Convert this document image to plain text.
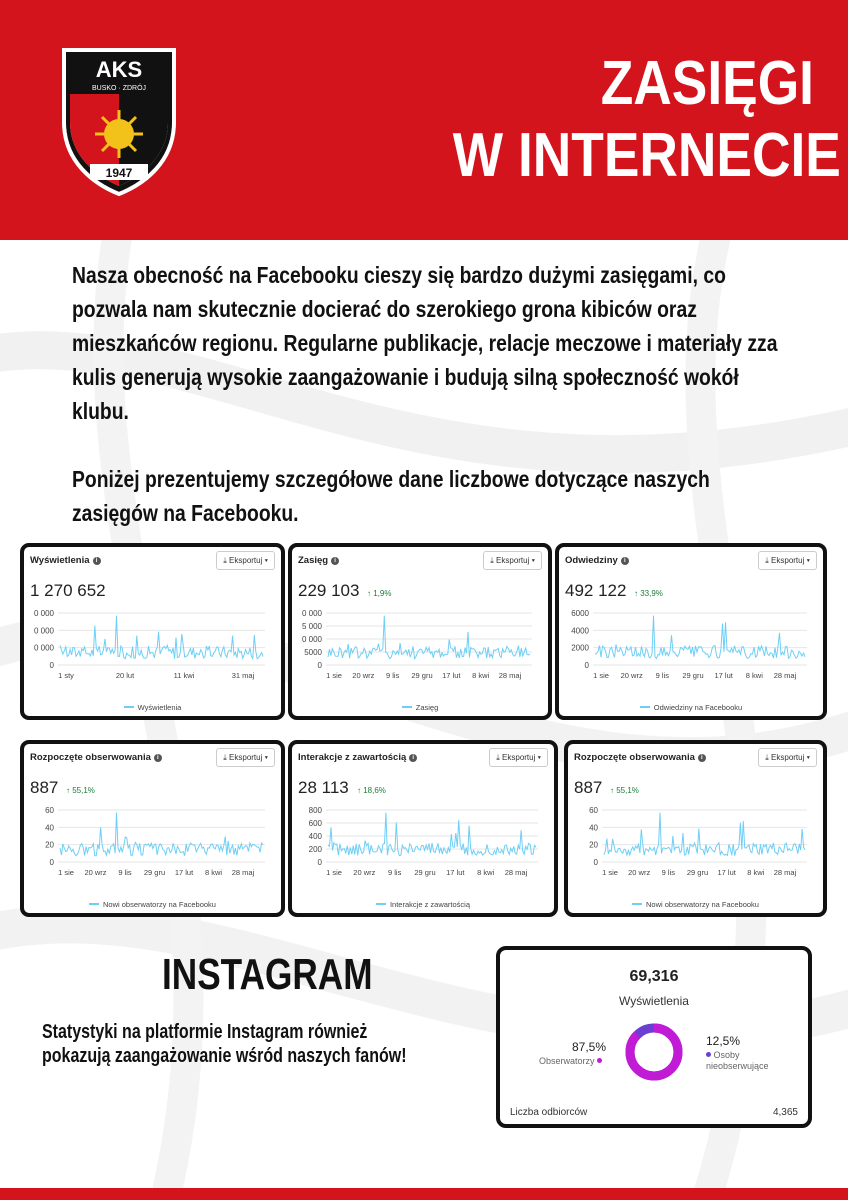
AKS
BUSKO · ZDRÓJ
1947
ZASIĘGI
W INTERNECIE

Nasza obecność na Facebooku cieszy się bardzo dużymi zasięgami, co pozwala nam skutecznie docierać do szerokiego grona kibiców oraz mieszkańców regionu. Regularne publikacje, relacje meczowe i materiały zza kulis generują wysokie zaangażowanie i budują silną społeczność wokół klubu.

Poniżej prezentujemy szczegółowe dane liczbowe dotyczące naszych zasięgów na Facebooku.

Wyświetlenia i	⤓ Eksportuj ▾
1 270 652
Wyświetlenia
0 000
0 000
0 000
0
1 sty	20 lut	11 kwi	31 maj
Zasięg i	⤓ Eksportuj ▾
229 103 ↑ 1,9%
Zasięg
0 000
5 000
0 000
5000
0
1 sie 20 wrz 9 lis 29 gru 17 lut 8 kwi 28 maj
Odwiedziny i	⤓ Eksportuj ▾
492 122 ↑ 33,9%
Odwiedziny na Facebooku
6000
4000
2000
0
1 sie 20 wrz 9 lis 29 gru 17 lut 8 kwi 28 maj
Rozpoczęte obserwowania i	⤓ Eksportuj ▾
887 ↑ 55,1%
Nowi obserwatorzy na Facebooku
60
40
20
0
1 sie 20 wrz 9 lis 29 gru 17 lut 8 kwi 28 maj
Interakcje z zawartością i	⤓ Eksportuj ▾
28 113 ↑ 18,6%
Interakcje z zawartością
800
600
400
200
0
1 sie 20 wrz 9 lis 29 gru 17 lut 8 kwi 28 maj
Rozpoczęte obserwowania i	⤓ Eksportuj ▾
887 ↑ 55,1%
Nowi obserwatorzy na Facebooku
60
40
20
0
1 sie 20 wrz 9 lis 29 gru 17 lut 8 kwi 28 maj
INSTAGRAM
Statystyki na platformie Instagram również pokazują zaangażowanie wśród naszych fanów!
69,316
Wyświetlenia
87,5%
Obserwatorzy
12,5%
Osoby nieobserwujące
Liczba odbiorców	4,365
